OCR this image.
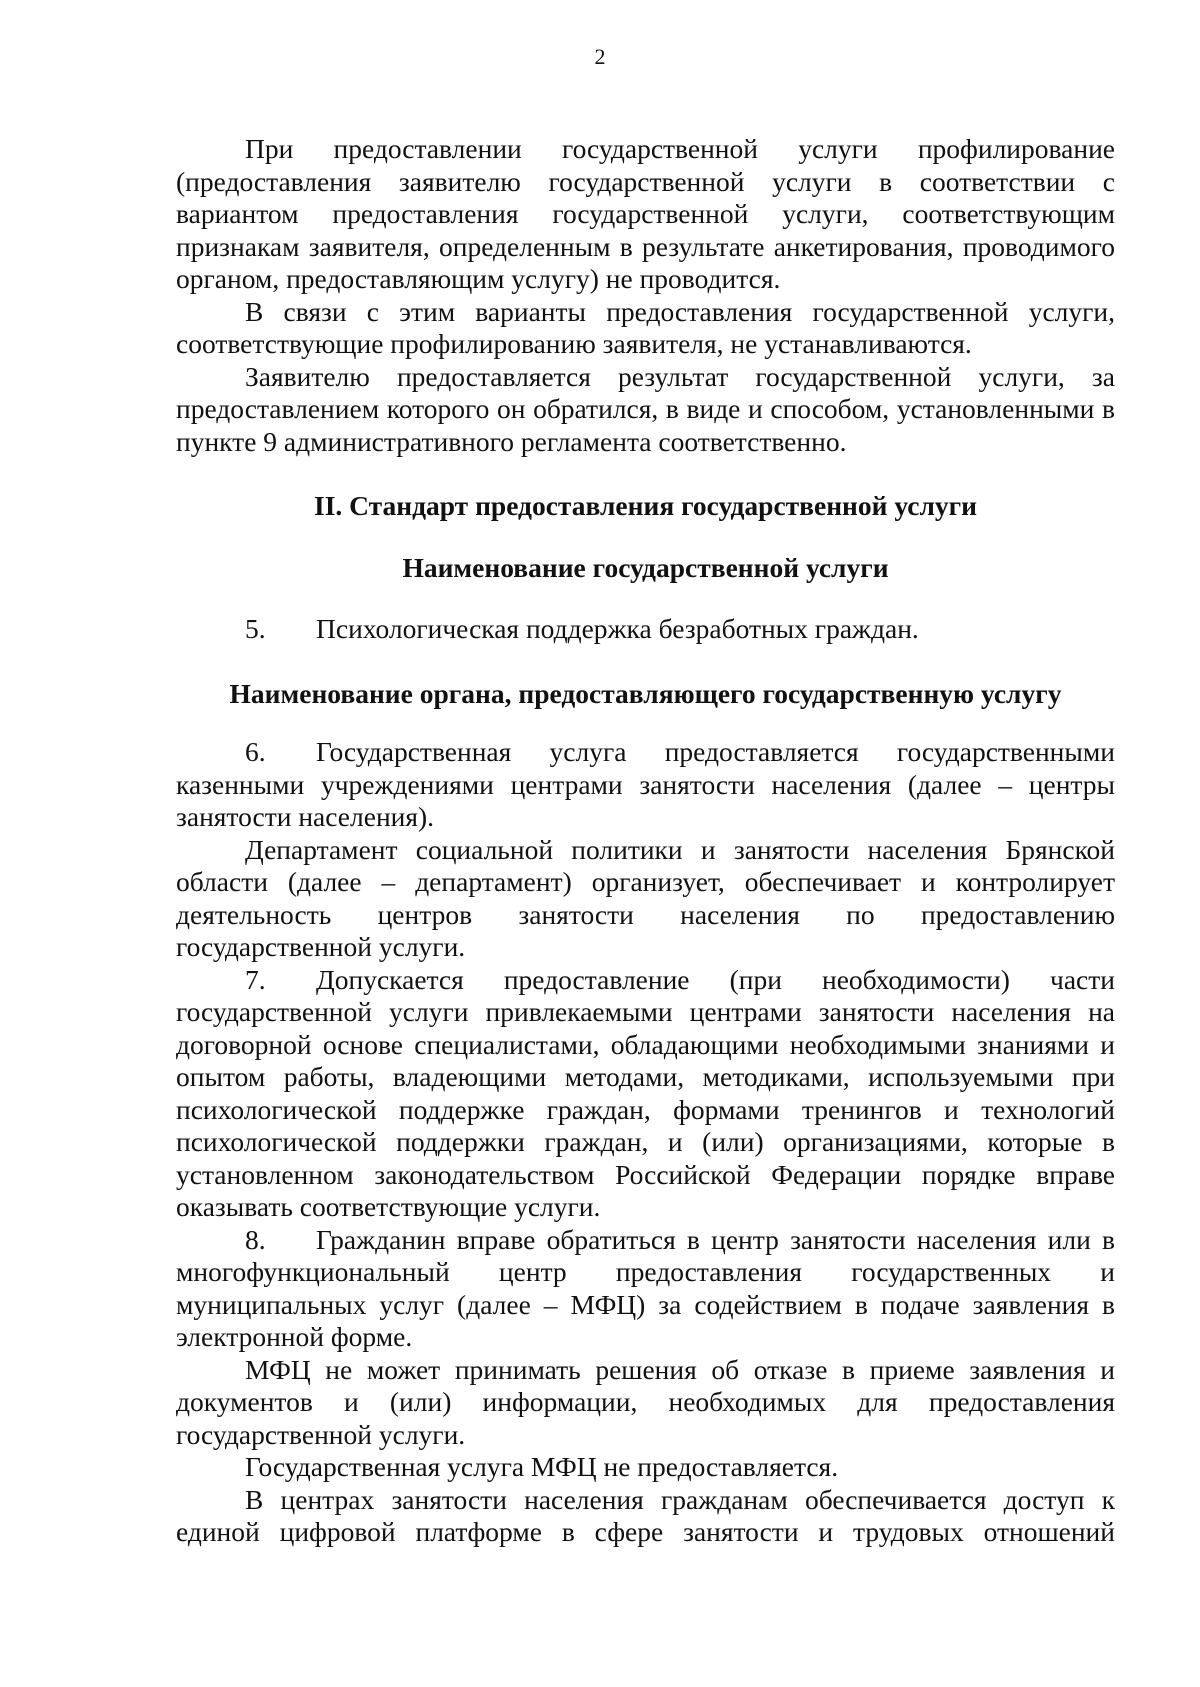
2

При предоставлении государственной услуги профилирование (предоставления заявителю государственной услуги в соответствии с вариантом предоставления государственной услуги, соответствующим признакам заявителя, определенным в результате анкетирования, проводимого органом, предоставляющим услугу) не проводится.

В связи с этим варианты предоставления государственной услуги, соответствующие профилированию заявителя, не устанавливаются.

Заявителю предоставляется результат государственной услуги, за предоставлением которого он обратился, в виде и способом, установленными в пункте 9 административного регламента соответственно.

II. Стандарт предоставления государственной услуги
Наименование государственной услуги

5. Психологическая поддержка безработных граждан.

Наименование органа, предоставляющего государственную услугу

6. Государственная услуга предоставляется государственными казенными учреждениями центрами занятости населения (далее – центры занятости населения).

Департамент социальной политики и занятости населения Брянской области (далее – департамент) организует, обеспечивает и контролирует деятельность центров занятости населения по предоставлению государственной услуги.

7. Допускается предоставление (при необходимости) части государственной услуги привлекаемыми центрами занятости населения на договорной основе специалистами, обладающими необходимыми знаниями и опытом работы, владеющими методами, методиками, используемыми при психологической поддержке граждан, формами тренингов и технологий психологической поддержки граждан, и (или) организациями, которые в установленном законодательством Российской Федерации порядке вправе оказывать соответствующие услуги.

8. Гражданин вправе обратиться в центр занятости населения или в многофункциональный центр предоставления государственных и муниципальных услуг (далее – МФЦ) за содействием в подаче заявления в электронной форме.

МФЦ не может принимать решения об отказе в приеме заявления и документов и (или) информации, необходимых для предоставления государственной услуги.

Государственная услуга МФЦ не предоставляется.

В центрах занятости населения гражданам обеспечивается доступ к единой цифровой платформе в сфере занятости и трудовых отношений
